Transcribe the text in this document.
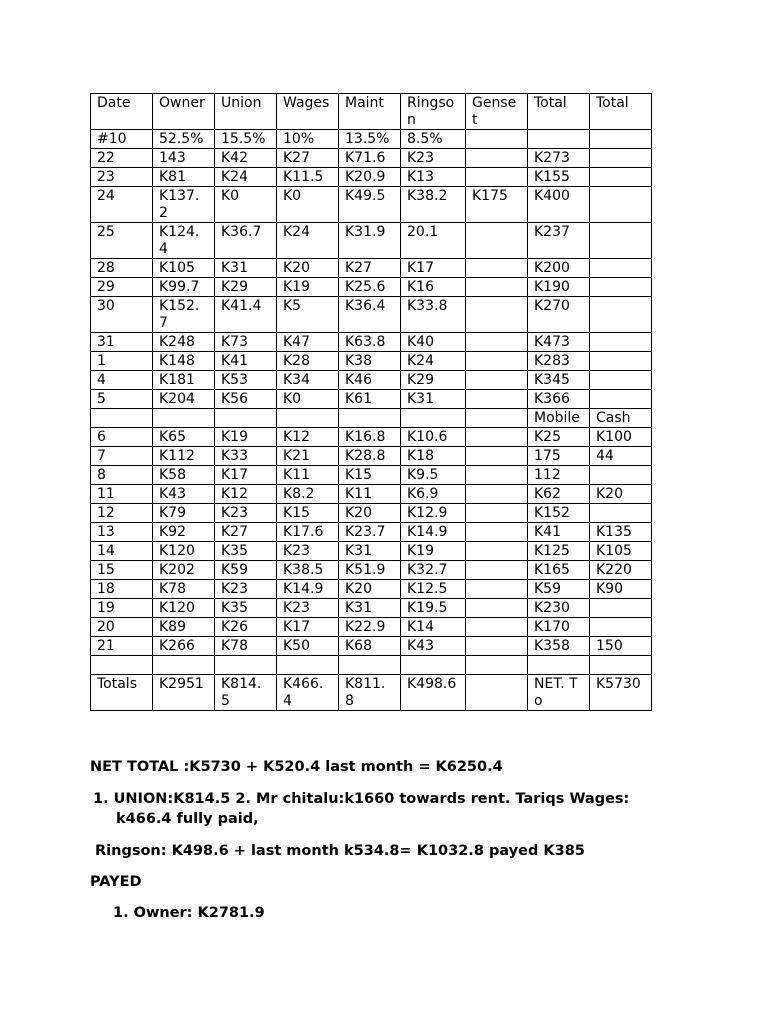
Date	Owner	Union	Wages	Maint	Ringson	Genset	Total	Total
#10	52.5%	15.5%	10%	13.5%	8.5%			
22	143	K42	K27	K71.6	K23		K273	
23	K81	K24	K11.5	K20.9	K13		K155	
24	K137.2	K0	K0	K49.5	K38.2	K175	K400	
25	K124.4	K36.7	K24	K31.9	20.1		K237	
28	K105	K31	K20	K27	K17		K200	
29	K99.7	K29	K19	K25.6	K16		K190	
30	K152.7	K41.4	K5	K36.4	K33.8		K270	
31	K248	K73	K47	K63.8	K40		K473	
1	K148	K41	K28	K38	K24		K283	
4	K181	K53	K34	K46	K29		K345	
5	K204	K56	K0	K61	K31		K366	
							Mobile	Cash
6	K65	K19	K12	K16.8	K10.6		K25	K100
7	K112	K33	K21	K28.8	K18		175	44
8	K58	K17	K11	K15	K9.5		112	
11	K43	K12	K8.2	K11	K6.9		K62	K20
12	K79	K23	K15	K20	K12.9		K152	
13	K92	K27	K17.6	K23.7	K14.9		K41	K135
14	K120	K35	K23	K31	K19		K125	K105
15	K202	K59	K38.5	K51.9	K32.7		K165	K220
18	K78	K23	K14.9	K20	K12.5		K59	K90
19	K120	K35	K23	K31	K19.5		K230	
20	K89	K26	K17	K22.9	K14		K170	
21	K266	K78	K50	K68	K43		K358	150

Totals	K2951	K814.5	K466.4	K811.8	K498.6		NET. To	K5730

NET TOTAL :K5730 + K520.4 last month = K6250.4

1. UNION:K814.5 2. Mr chitalu:k1660 towards rent. Tariqs Wages:

k466.4 fully paid,

Ringson: K498.6 + last month k534.8= K1032.8 payed K385

PAYED

1. Owner: K2781.9
